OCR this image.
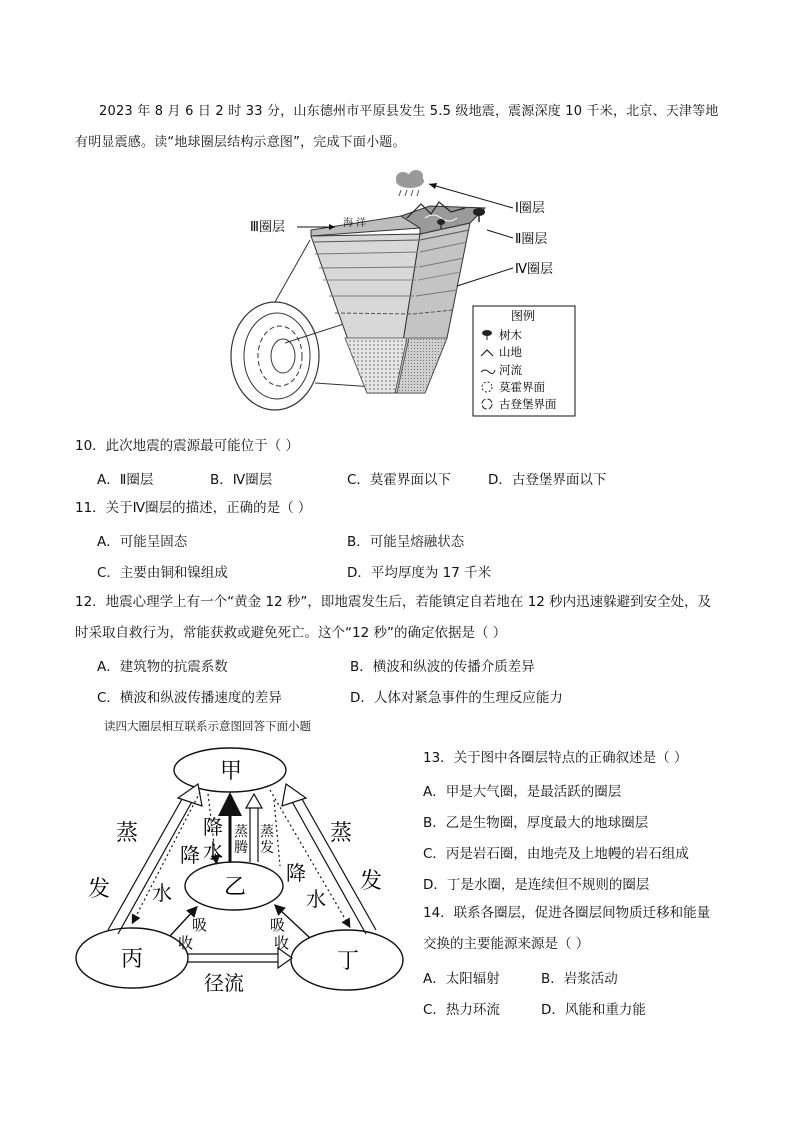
2023 年 8 月 6 日 2 时 33 分，山东德州市平原县发生 5.5 级地震，震源深度 10 千米，北京、天津等地
有明显震感。读“地球圈层结构示意图”，完成下面小题。
海 洋
Ⅰ圈层
Ⅱ圈层
Ⅳ圈层
Ⅲ圈层
图例
树木
山地
河流
莫霍界面
古登堡界面
10．此次地震的震源最可能位于（ ）
A．Ⅱ圈层	B．Ⅳ圈层	C．莫霍界面以下	D．古登堡界面以下
11．关于Ⅳ圈层的描述，正确的是（ ）
A．可能呈固态	B．可能呈熔融状态
C．主要由铜和镍组成	D．平均厚度为 17 千米
12．地震心理学上有一个“黄金 12 秒”，即地震发生后，若能镇定自若地在 12 秒内迅速躲避到安全处，及
时采取自救行为，常能获救或避免死亡。这个“12 秒”的确定依据是（ ）
A．建筑物的抗震系数	B．横波和纵波的传播介质差异
C．横波和纵波传播速度的差异	D．人体对紧急事件的生理反应能力
读四大圈层相互联系示意图回答下面小题
甲
乙
丙	丁
蒸
发
蒸
发
降
水
降
水
降
水
蒸
腾
蒸
发
吸
收
吸
收
径流
13．关于图中各圈层特点的正确叙述是（ ）
A．甲是大气圈，是最活跃的圈层
B．乙是生物圈，厚度最大的地球圈层
C．丙是岩石圈，由地壳及上地幔的岩石组成
D．丁是水圈，是连续但不规则的圈层
14．联系各圈层，促进各圈层间物质迁移和能量
交换的主要能源来源是（ ）
A．太阳辐射	B．岩浆活动
C．热力环流	D．风能和重力能
